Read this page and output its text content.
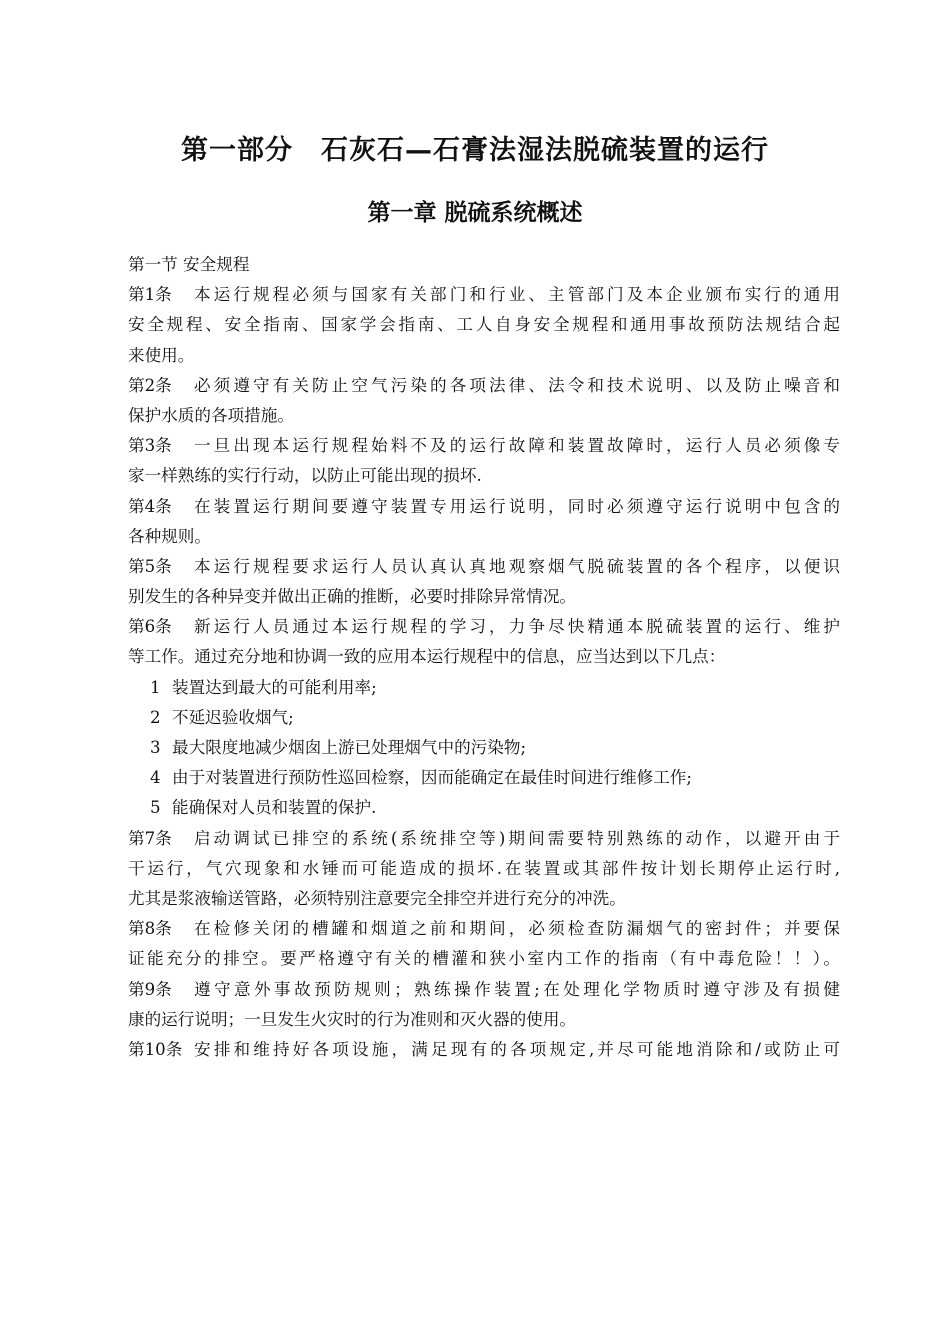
第一部分　石灰石—石膏法湿法脱硫装置的运行
第一章 脱硫系统概述
第一节 安全规程
第1条	本运行规程必须与国家有关部门和行业、主管部门及本企业颁布实行的通用
安全规程、安全指南、国家学会指南、工人自身安全规程和通用事故预防法规结合起
来使用。
第2条	必须遵守有关防止空气污染的各项法律、法令和技术说明、以及防止噪音和
保护水质的各项措施。
第3条	一旦出现本运行规程始料不及的运行故障和装置故障时，运行人员必须像专
家一样熟练的实行行动，以防止可能出现的损坏.
第4条	在装置运行期间要遵守装置专用运行说明，同时必须遵守运行说明中包含的
各种规则。
第5条	本运行规程要求运行人员认真认真地观察烟气脱硫装置的各个程序，以便识
别发生的各种异变并做出正确的推断，必要时排除异常情况。
第6条	新运行人员通过本运行规程的学习，力争尽快精通本脱硫装置的运行、维护
等工作。通过充分地和协调一致的应用本运行规程中的信息，应当达到以下几点：
1 装置达到最大的可能利用率;
2 不延迟验收烟气;
3 最大限度地减少烟囱上游已处理烟气中的污染物;
4 由于对装置进行预防性巡回检察，因而能确定在最佳时间进行维修工作;
5 能确保对人员和装置的保护.
第7条	启动调试已排空的系统(系统排空等)期间需要特别熟练的动作，以避开由于
干运行，气穴现象和水锤而可能造成的损坏.在装置或其部件按计划长期停止运行时,
尤其是浆液输送管路，必须特别注意要完全排空并进行充分的冲洗。
第8条	在检修关闭的槽罐和烟道之前和期间，必须检查防漏烟气的密封件；并要保
证能充分的排空。要严格遵守有关的槽灌和狭小室内工作的指南（有中毒危险！！）。
第9条	遵守意外事故预防规则；熟练操作装置;在处理化学物质时遵守涉及有损健
康的运行说明；一旦发生火灾时的行为准则和灭火器的使用。
第10条 安排和维持好各项设施，满足现有的各项规定,并尽可能地消除和/或防止可
